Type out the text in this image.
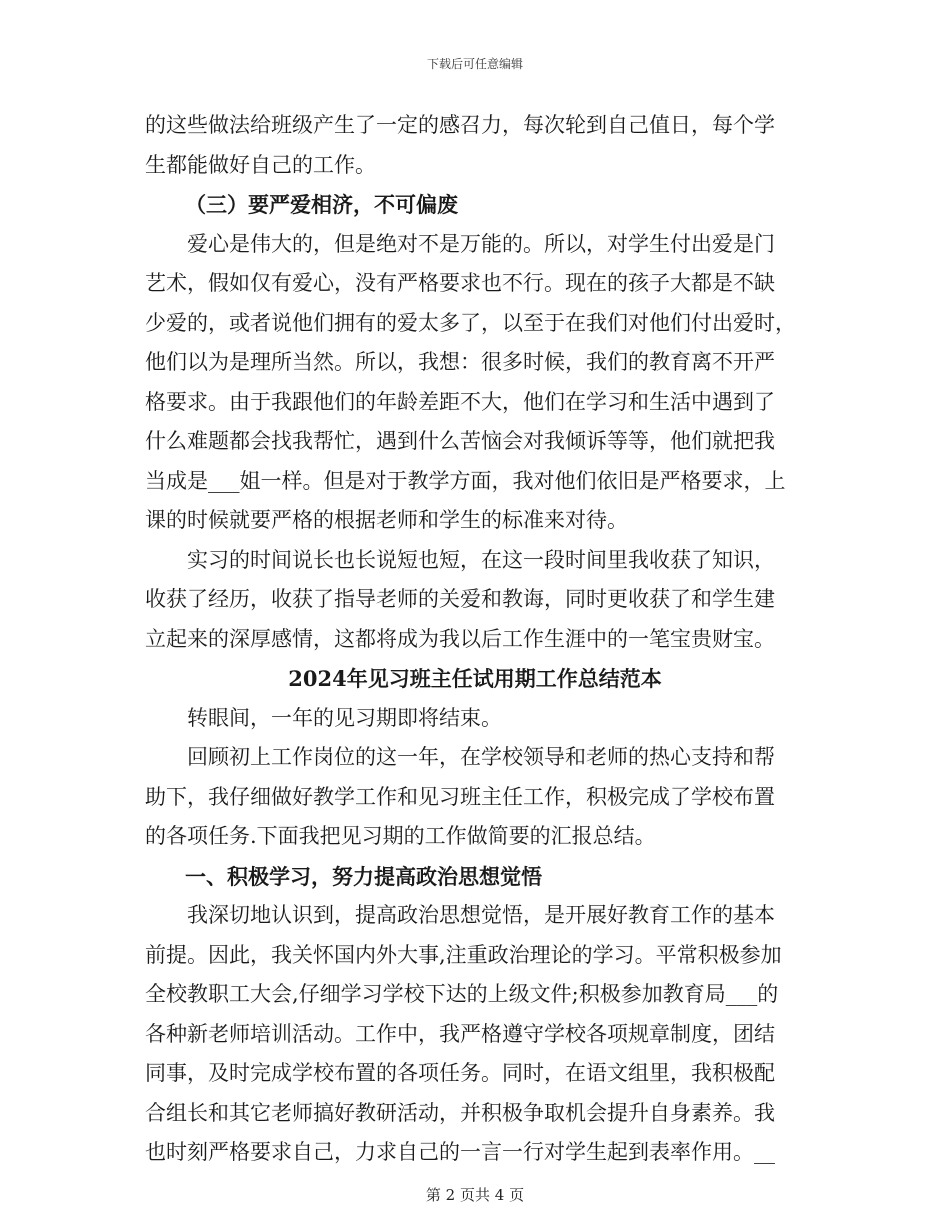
下载后可任意编辑
的这些做法给班级产生了一定的感召力，每次轮到自己值日，每个学
生都能做好自己的工作。
（三）要严爱相济，不可偏废
爱心是伟大的，但是绝对不是万能的。所以，对学生付出爱是门
艺术，假如仅有爱心，没有严格要求也不行。现在的孩子大都是不缺
少爱的，或者说他们拥有的爱太多了，以至于在我们对他们付出爱时，
他们以为是理所当然。所以，我想：很多时候，我们的教育离不开严
格要求。由于我跟他们的年龄差距不大，他们在学习和生活中遇到了
什么难题都会找我帮忙，遇到什么苦恼会对我倾诉等等，他们就把我
当成是___姐一样。但是对于教学方面，我对他们依旧是严格要求，上
课的时候就要严格的根据老师和学生的标准来对待。
实习的时间说长也长说短也短，在这一段时间里我收获了知识，
收获了经历，收获了指导老师的关爱和教诲，同时更收获了和学生建
立起来的深厚感情，这都将成为我以后工作生涯中的一笔宝贵财宝。
2024年见习班主任试用期工作总结范本
转眼间，一年的见习期即将结束。
回顾初上工作岗位的这一年，在学校领导和老师的热心支持和帮
助下，我仔细做好教学工作和见习班主任工作，积极完成了学校布置
的各项任务.下面我把见习期的工作做简要的汇报总结。
一、积极学习，努力提高政治思想觉悟
我深切地认识到，提高政治思想觉悟，是开展好教育工作的基本
前提。因此，我关怀国内外大事,注重政治理论的学习。平常积极参加
全校教职工大会,仔细学习学校下达的上级文件;积极参加教育局___的
各种新老师培训活动。工作中，我严格遵守学校各项规章制度，团结
同事，及时完成学校布置的各项任务。同时，在语文组里，我积极配
合组长和其它老师搞好教研活动，并积极争取机会提升自身素养。我
也时刻严格要求自己，力求自己的一言一行对学生起到表率作用。__
第 2 页共 4 页
